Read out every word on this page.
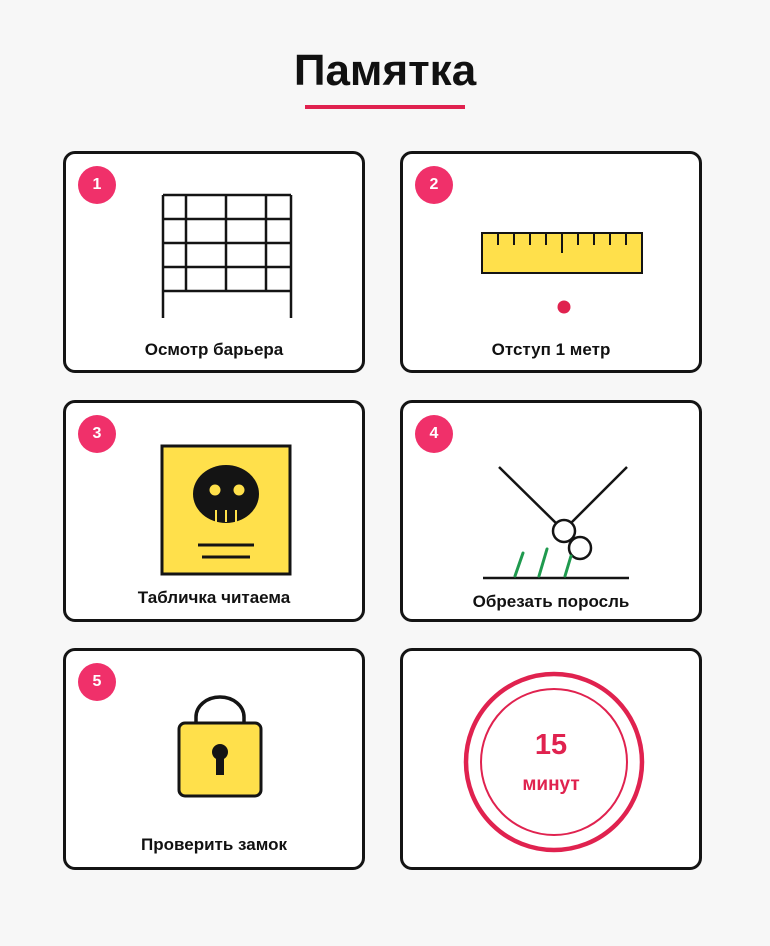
Памятка
1
Осмотр барьера
2
Отступ 1 метр
3
Табличка читаема
4
Обрезать поросль
5
Проверить замок
15
минут
